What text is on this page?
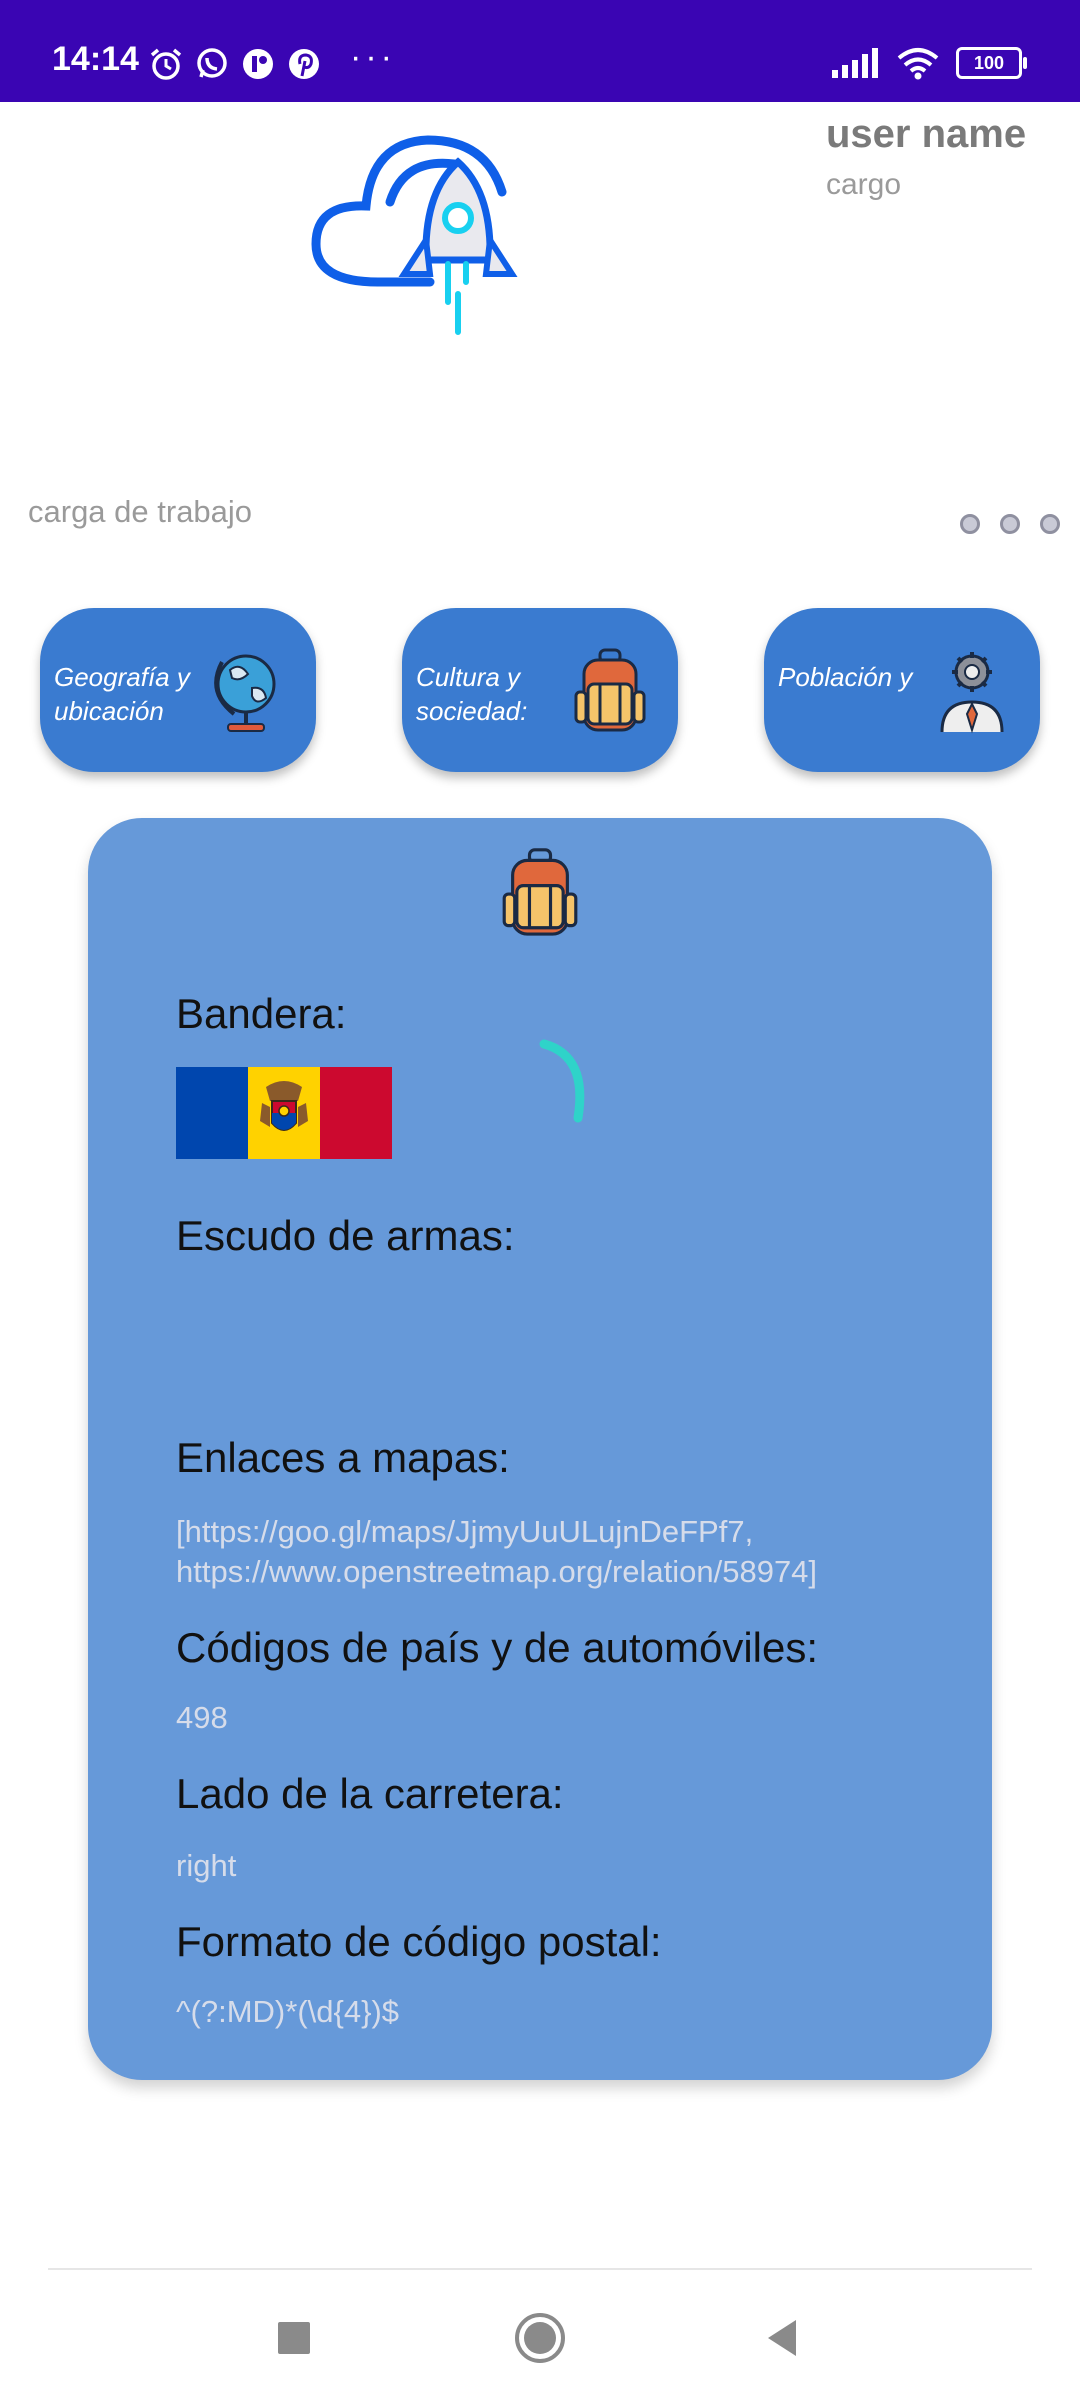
14:14	···	100
user name
cargo
carga de trabajo
Geografía y ubicación
Cultura y sociedad:
Población y
Bandera:
Escudo de armas:
Enlaces a mapas:
[https://goo.gl/maps/JjmyUuULujnDeFPf7, https://www.openstreetmap.org/relation/58974]
Códigos de país y de automóviles:
498
Lado de la carretera:
right
Formato de código postal:
^(?:MD)*(\d{4})$
